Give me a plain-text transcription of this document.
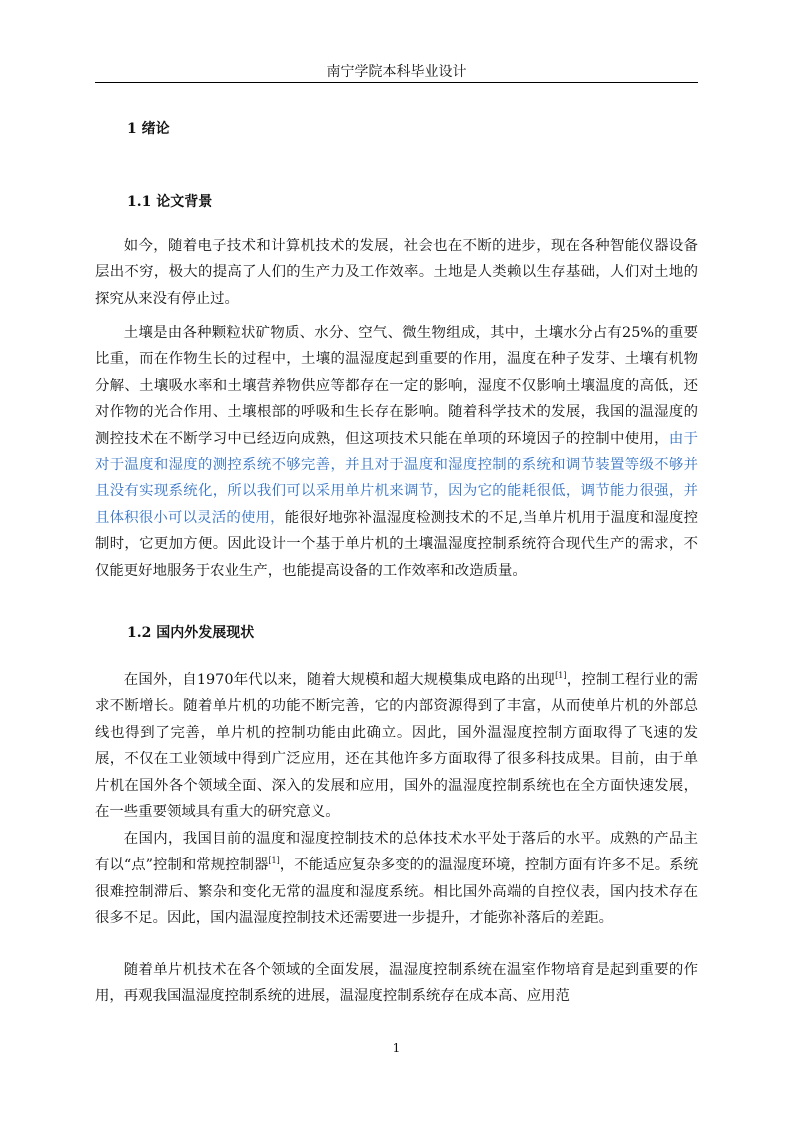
南宁学院本科毕业设计
1 绪论
1.1 论文背景

如今，随着电子技术和计算机技术的发展，社会也在不断的进步，现在各种智能仪器设备层出不穷，极大的提高了人们的生产力及工作效率。土地是人类赖以生存基础，人们对土地的探究从来没有停止过。

土壤是由各种颗粒状矿物质、水分、空气、微生物组成，其中，土壤水分占有25%的重要比重，而在作物生长的过程中，土壤的温湿度起到重要的作用，温度在种子发芽、土壤有机物分解、土壤吸水率和土壤营养物供应等都存在一定的影响，湿度不仅影响土壤温度的高低，还对作物的光合作用、土壤根部的呼吸和生长存在影响。随着科学技术的发展，我国的温湿度的测控技术在不断学习中已经迈向成熟，但这项技术只能在单项的环境因子的控制中使用，由于对于温度和湿度的测控系统不够完善，并且对于温度和湿度控制的系统和调节装置等级不够并且没有实现系统化，所以我们可以采用单片机来调节，因为它的能耗很低，调节能力很强，并且体积很小可以灵活的使用，能很好地弥补温湿度检测技术的不足,当单片机用于温度和湿度控制时，它更加方便。因此设计一个基于单片机的土壤温湿度控制系统符合现代生产的需求，不仅能更好地服务于农业生产，也能提高设备的工作效率和改造质量。

1.2 国内外发展现状

在国外，自1970年代以来，随着大规模和超大规模集成电路的出现[1]，控制工程行业的需求不断增长。随着单片机的功能不断完善，它的内部资源得到了丰富，从而使单片机的外部总线也得到了完善，单片机的控制功能由此确立。因此，国外温湿度控制方面取得了飞速的发展，不仅在工业领域中得到广泛应用，还在其他许多方面取得了很多科技成果。目前，由于单片机在国外各个领域全面、深入的发展和应用，国外的温湿度控制系统也在全方面快速发展，在一些重要领域具有重大的研究意义。

在国内，我国目前的温度和湿度控制技术的总体技术水平处于落后的水平。成熟的产品主有以“点”控制和常规控制器[1]，不能适应复杂多变的的温湿度环境，控制方面有许多不足。系统很难控制滞后、繁杂和变化无常的温度和湿度系统。相比国外高端的自控仪表，国内技术存在很多不足。因此，国内温湿度控制技术还需要进一步提升，才能弥补落后的差距。

随着单片机技术在各个领域的全面发展，温湿度控制系统在温室作物培育是起到重要的作用，再观我国温湿度控制系统的进展，温湿度控制系统存在成本高、应用范

1
